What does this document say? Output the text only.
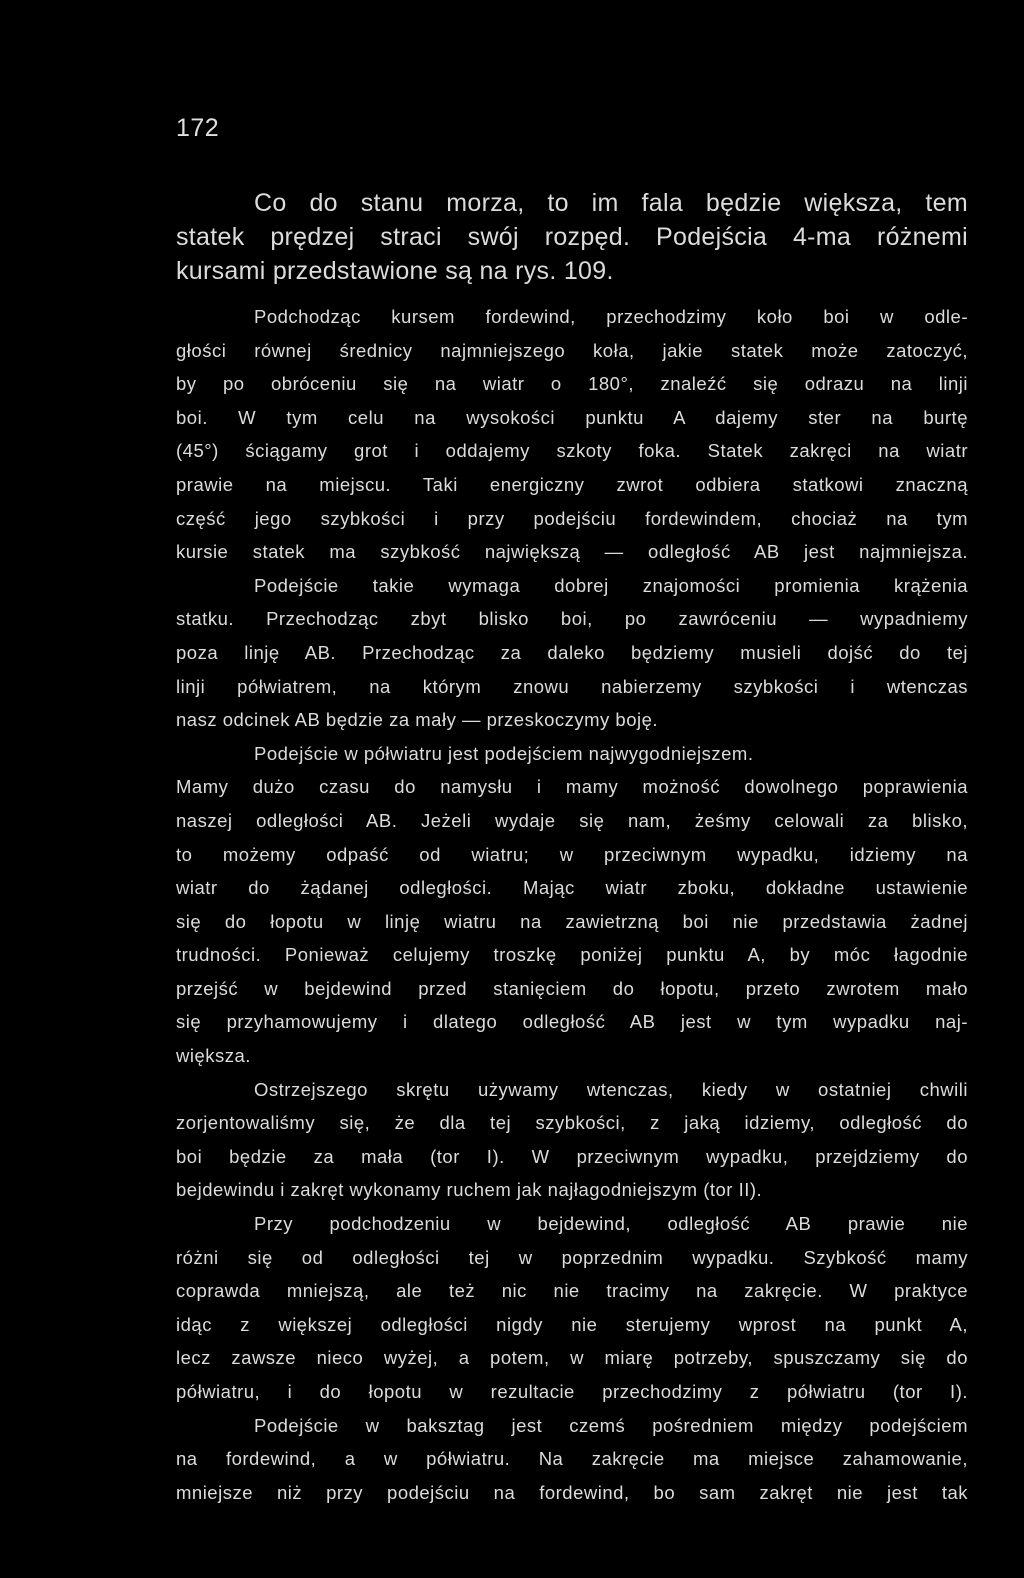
172
Co do stanu morza, to im fala będzie większa, tem
statek prędzej straci swój rozpęd. Podejścia 4-ma różnemi
kursami przedstawione są na rys. 109.
Podchodząc kursem fordewind, przechodzimy koło boi w odle-
głości równej średnicy najmniejszego koła, jakie statek może zatoczyć,
by po obróceniu się na wiatr o 180°, znaleźć się odrazu na linji
boi. W tym celu na wysokości punktu A dajemy ster na burtę
(45°) ściągamy grot i oddajemy szkoty foka. Statek zakręci na wiatr
prawie na miejscu. Taki energiczny zwrot odbiera statkowi znaczną
część jego szybkości i przy podejściu fordewindem, chociaż na tym
kursie statek ma szybkość największą — odległość AB jest najmniejsza.
Podejście takie wymaga dobrej znajomości promienia krążenia
statku. Przechodząc zbyt blisko boi, po zawróceniu — wypadniemy
poza linję AB. Przechodząc za daleko będziemy musieli dojść do tej
linji półwiatrem, na którym znowu nabierzemy szybkości i wtenczas
nasz odcinek AB będzie za mały — przeskoczymy boję.
Podejście w półwiatru jest podejściem najwygodniejszem.
Mamy dużo czasu do namysłu i mamy możność dowolnego poprawienia
naszej odległości AB. Jeżeli wydaje się nam, żeśmy celowali za blisko,
to możemy odpaść od wiatru; w przeciwnym wypadku, idziemy na
wiatr do żądanej odległości. Mając wiatr zboku, dokładne ustawienie
się do łopotu w linję wiatru na zawietrzną boi nie przedstawia żadnej
trudności. Ponieważ celujemy troszkę poniżej punktu A, by móc łagodnie
przejść w bejdewind przed stanięciem do łopotu, przeto zwrotem mało
się przyhamowujemy i dlatego odległość AB jest w tym wypadku naj-
większa.
Ostrzejszego skrętu używamy wtenczas, kiedy w ostatniej chwili
zorjentowaliśmy się, że dla tej szybkości, z jaką idziemy, odległość do
boi będzie za mała (tor I). W przeciwnym wypadku, przejdziemy do
bejdewindu i zakręt wykonamy ruchem jak najłagodniejszym (tor II).
Przy podchodzeniu w bejdewind, odległość AB prawie nie
różni się od odległości tej w poprzednim wypadku. Szybkość mamy
coprawda mniejszą, ale też nic nie tracimy na zakręcie. W praktyce
idąc z większej odległości nigdy nie sterujemy wprost na punkt A,
lecz zawsze nieco wyżej, a potem, w miarę potrzeby, spuszczamy się do
półwiatru, i do łopotu w rezultacie przechodzimy z półwiatru (tor I).
Podejście w baksztag jest czemś pośredniem między podejściem
na fordewind, a w półwiatru. Na zakręcie ma miejsce zahamowanie,
mniejsze niż przy podejściu na fordewind, bo sam zakręt nie jest tak
